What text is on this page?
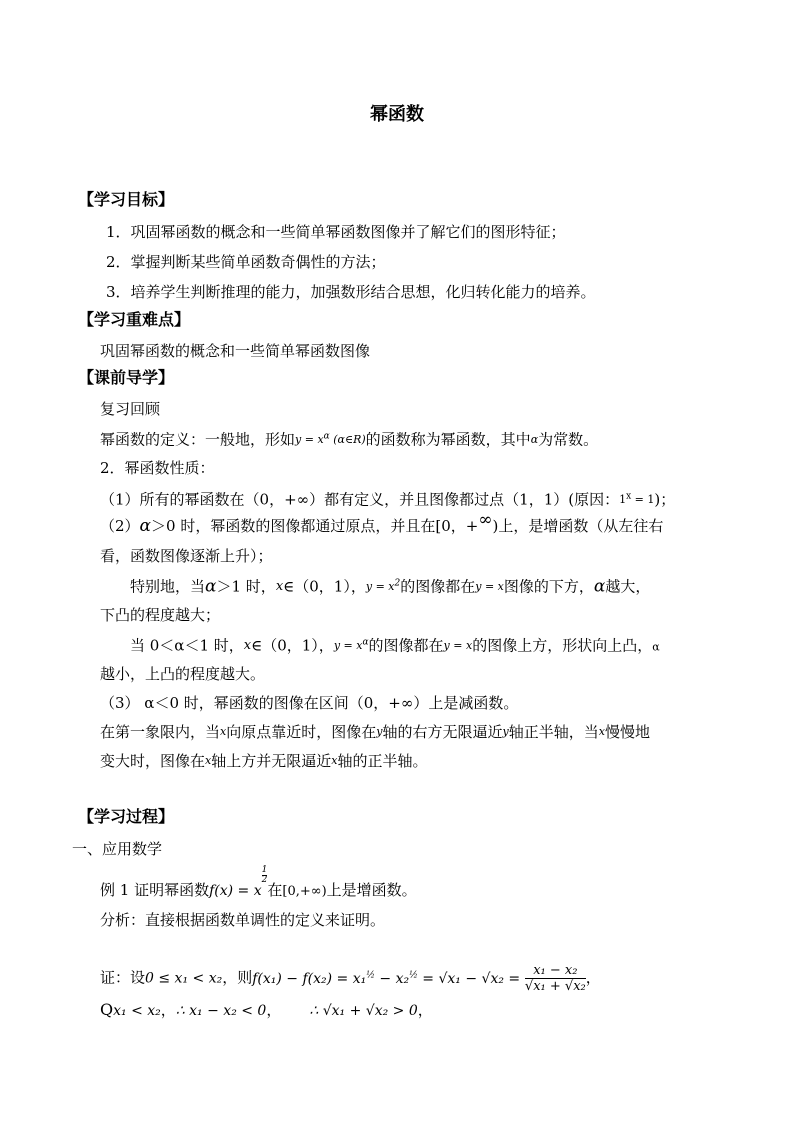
幂函数
【学习目标】
1．巩固幂函数的概念和一些简单幂函数图像并了解它们的图形特征；
2．掌握判断某些简单函数奇偶性的方法；
3．培养学生判断推理的能力，加强数形结合思想，化归转化能力的培养。
【学习重难点】
巩固幂函数的概念和一些简单幂函数图像
【课前导学】
复习回顾
幂函数的定义：一般地，形如$y = x^\alpha$ (α∈R)的函数称为幂函数，其中α为常数。
2．幂函数性质：
（1）所有的幂函数在（0，+∞）都有定义，并且图像都过点（1，1）(原因：$1^x = 1$)；
（2）α＞0 时，幂函数的图像都通过原点，并且在[0，+∞)上，是增函数（从左往右
看，函数图像逐渐上升）；
特别地，当α＞1 时，x∈（0，1），$y = x^2$的图像都在y = x图像的下方，α越大，
下凸的程度越大；
当 0＜α＜1 时，x∈（0，1），$y = x^\alpha$的图像都在y = x的图像上方，形状向上凸，α
越小，上凸的程度越大。
（3） α＜0 时，幂函数的图像在区间（0，+∞）上是减函数。
在第一象限内，当x向原点靠近时，图像在y轴的右方无限逼近y轴正半轴，当x慢慢地
变大时，图像在x轴上方并无限逼近x轴的正半轴。
【学习过程】
一、应用数学
例 1 证明幂函数f(x) = x
$\frac{1}{2}$
在[0,+∞)上是增函数。
分析：直接根据函数单调性的定义来证明。
证：设0 ≤ x₁ < x₂，则$f(x_1) - f(x_2) = x_1^{\frac{1}{2}} - x_2^{\frac{1}{2}} = √x_1 - √x_2 = \frac{\text{x₁ − x₂}}{\text{√x₁ + √x₂}}$ ，
Qx₁ < x₂，∴ x₁ − x₂ < 0， ∴ √x₁ + √x₂ > 0，
